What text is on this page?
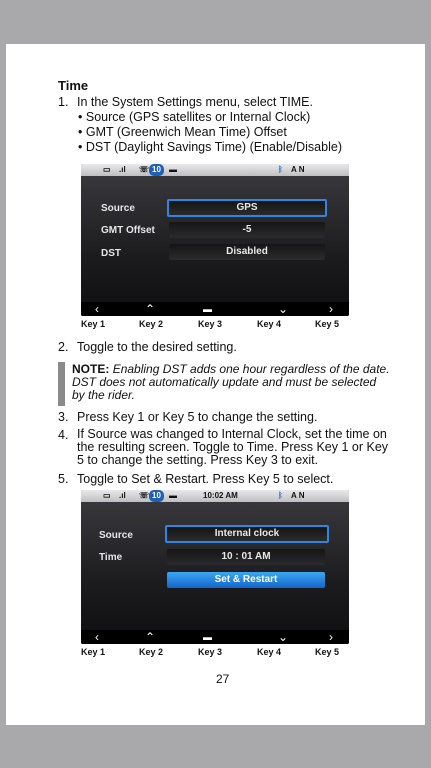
Time
1. In the System Settings menu, select TIME.
• Source (GPS satellites or Internal Clock)
• GMT (Greenwich Mean Time) Offset
• DST (Daylight Savings Time) (Enable/Disable)
▭ .ıl ☏ 10	▬	ᛒ A N
Source	GPS
GMT Offset	-5
DST	Disabled
‹	⌃	▬	⌄	›
Key 1	Key 2	Key 3	Key 4	Key 5
2. Toggle to the desired setting.
NOTE: Enabling DST adds one hour regardless of the date. DST does not automatically update and must be selected by the rider.
3. Press Key 1 or Key 5 to change the setting.
4. If Source was changed to Internal Clock, set the time on the resulting screen. Toggle to Time. Press Key 1 or Key 5 to change the setting. Press Key 3 to exit.
5. Toggle to Set & Restart. Press Key 5 to select.
▭ .ıl ☏ 10	▬	10:02 AM	ᛒ A N
Source	Internal clock
Time	10 : 01 AM
Set & Restart
‹	⌃	▬	⌄	›
Key 1	Key 2	Key 3	Key 4	Key 5
27
